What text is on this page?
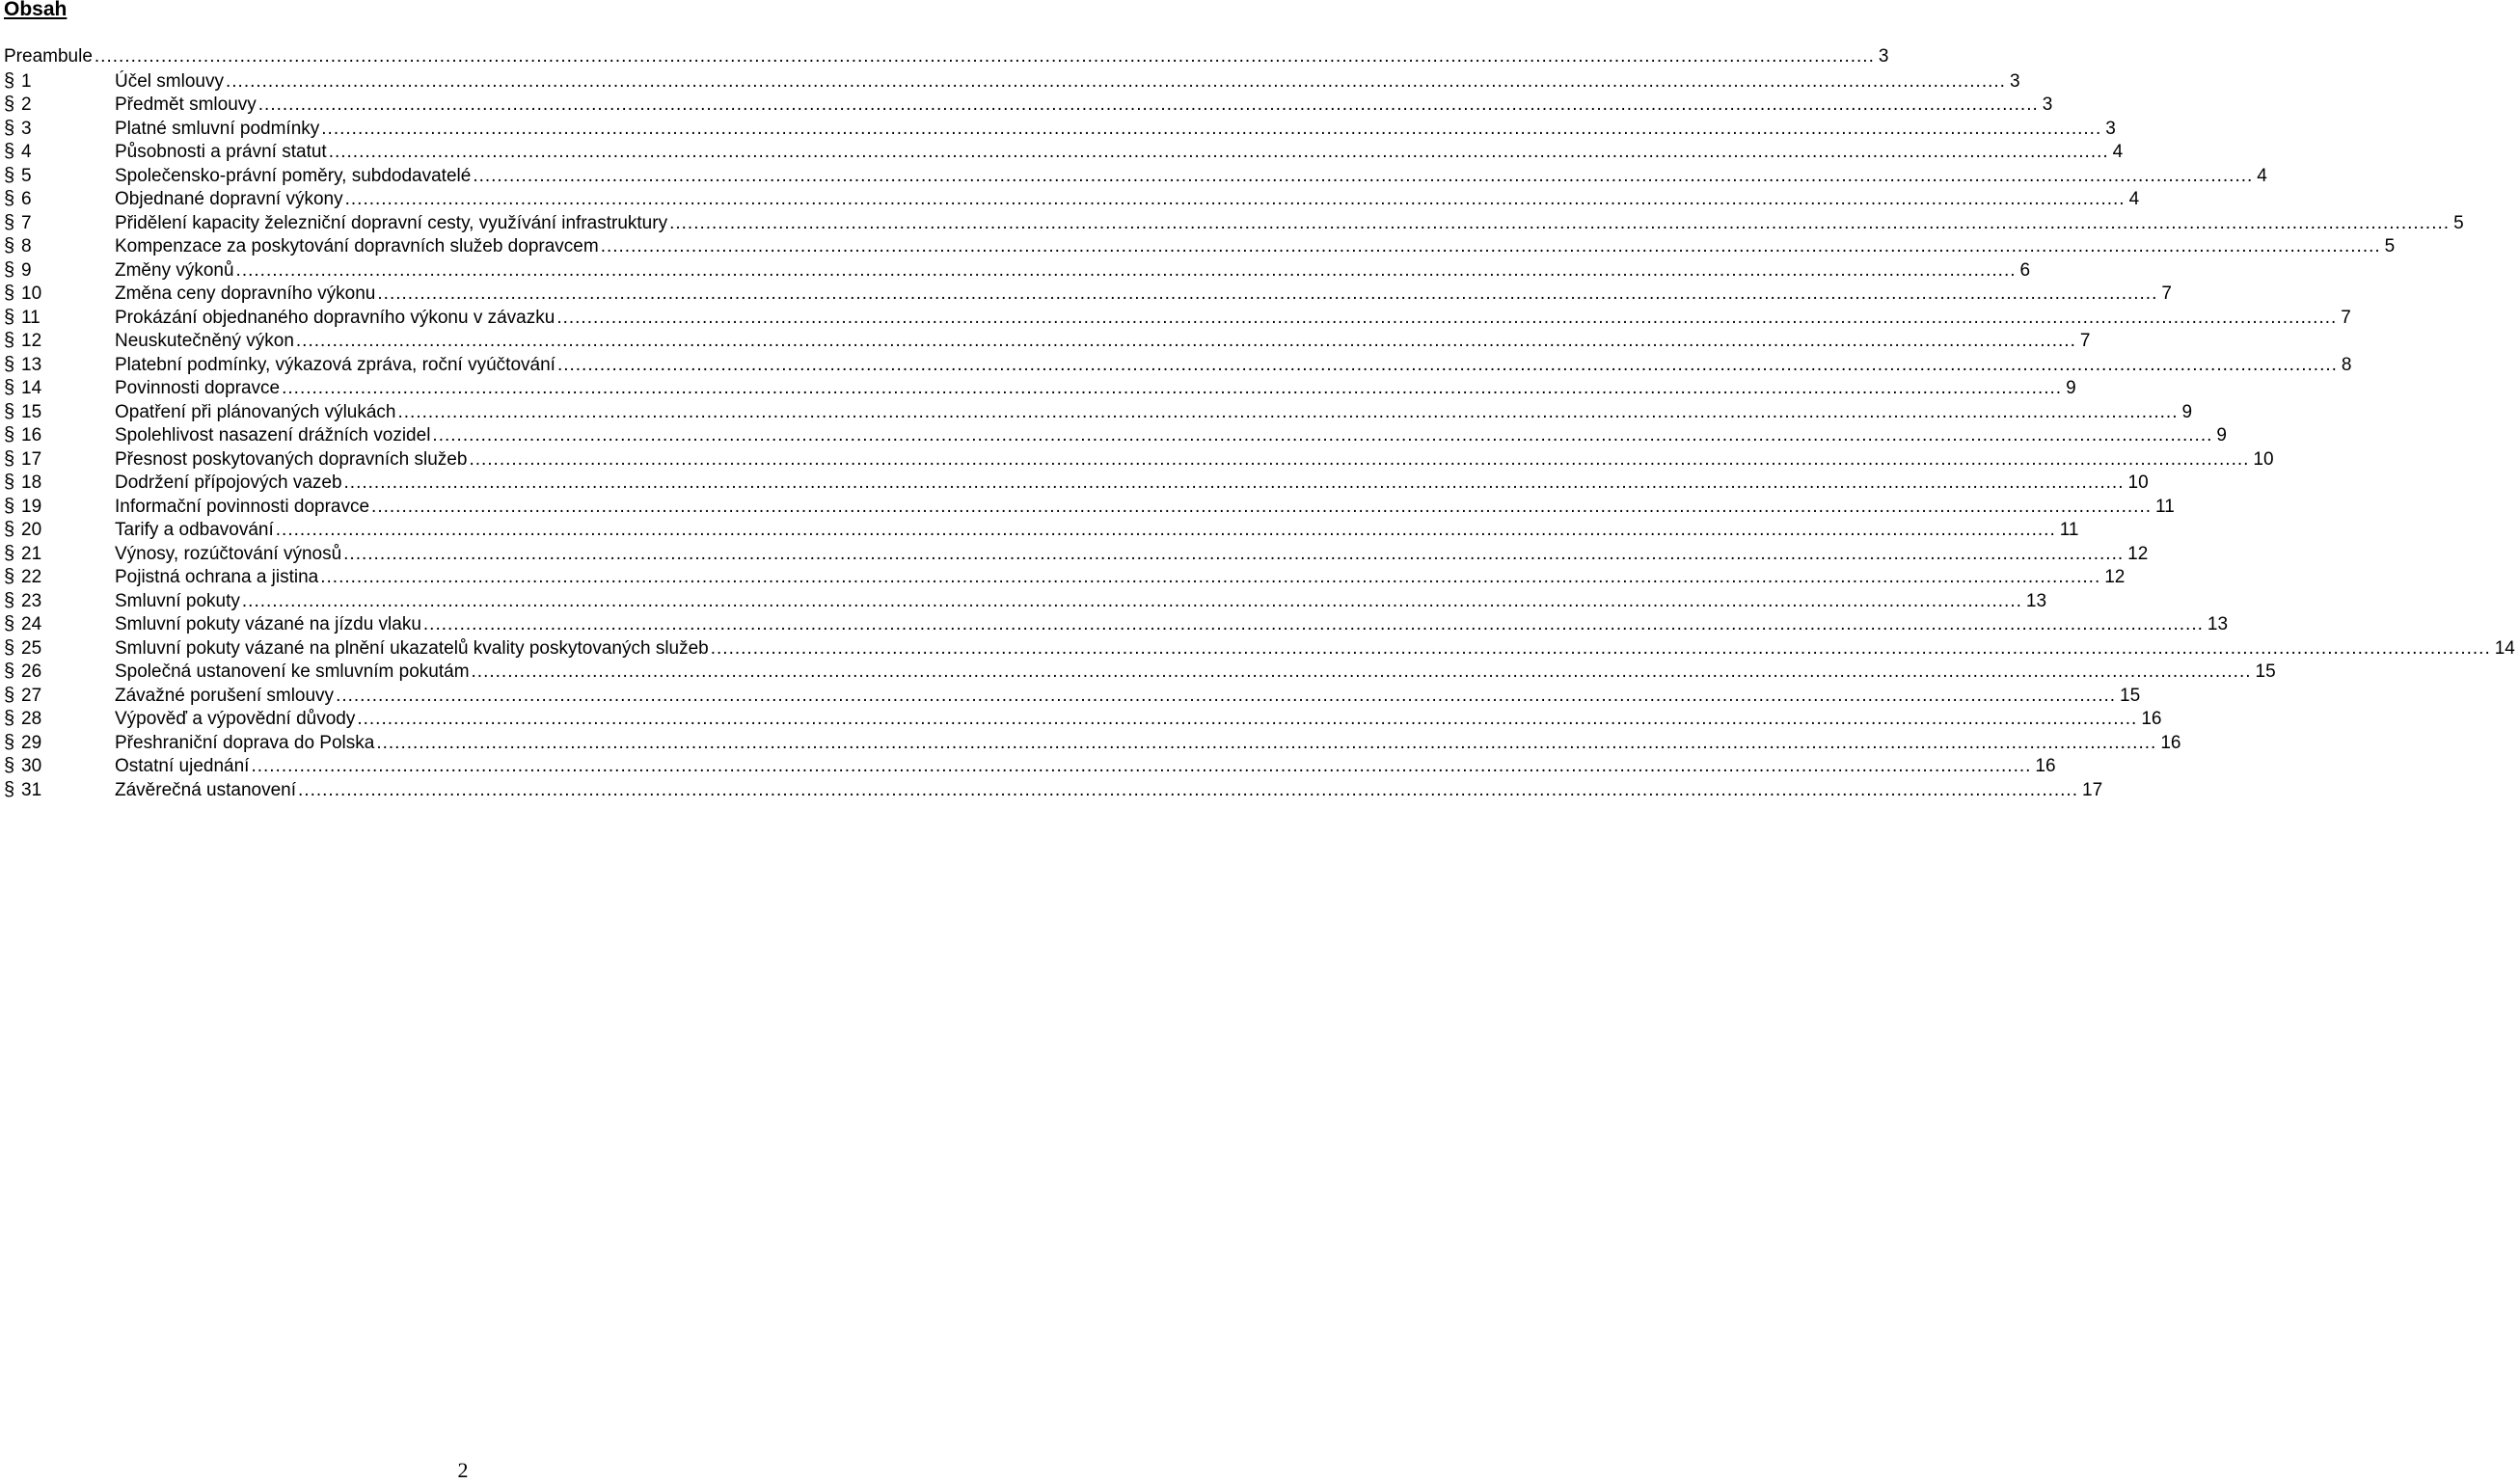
Obsah
Preambule .....	3
§ 1	Účel smlouvy .....	3
§ 2	Předmět smlouvy .....	3
§ 3	Platné smluvní podmínky .....	3
§ 4	Působnosti a právní statut .....	4
§ 5	Společensko-právní poměry, subdodavatelé .....	4
§ 6	Objednané dopravní výkony .....	4
§ 7	Přidělení kapacity železniční dopravní cesty, využívání infrastruktury .....	5
§ 8	Kompenzace za poskytování dopravních služeb dopravcem .....	5
§ 9	Změny výkonů .....	6
§ 10	Změna ceny dopravního výkonu .....	7
§ 11	Prokázání objednaného dopravního výkonu v závazku .....	7
§ 12	Neuskutečněný výkon .....	7
§ 13	Platební podmínky, výkazová zpráva, roční vyúčtování .....	8
§ 14	Povinnosti dopravce .....	9
§ 15	Opatření při plánovaných výlukách .....	9
§ 16	Spolehlivost nasazení drážních vozidel .....	9
§ 17	Přesnost poskytovaných dopravních služeb .....	10
§ 18	Dodržení přípojových vazeb .....	10
§ 19	Informační povinnosti dopravce .....	11
§ 20	Tarify a odbavování .....	11
§ 21	Výnosy, rozúčtování výnosů .....	12
§ 22	Pojistná ochrana a jistina .....	12
§ 23	Smluvní pokuty .....	13
§ 24	Smluvní pokuty vázané na jízdu vlaku .....	13
§ 25	Smluvní pokuty vázané na plnění ukazatelů kvality poskytovaných služeb .....	14
§ 26	Společná ustanovení ke smluvním pokutám .....	15
§ 27	Závažné porušení smlouvy .....	15
§ 28	Výpověď a výpovědní důvody .....	16
§ 29	Přeshraniční doprava do Polska .....	16
§ 30	Ostatní ujednání .....	16
§ 31	Závěrečná ustanovení .....	17
2
